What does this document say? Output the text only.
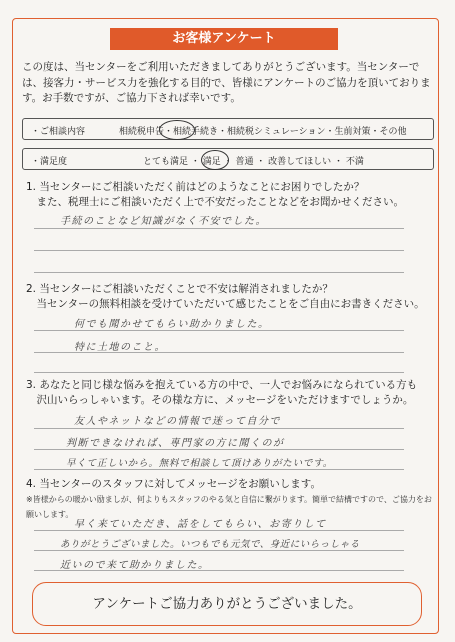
お客様アンケート
この度は、当センターをご利用いただきましてありがとうございます。当センターでは、接客力・サービス力を強化する目的で、皆様にアンケートのご協力を頂いております。お手数ですが、ご協力下されば幸いです。
・ご相談内容	相続税申告・相続手続き・相続税シミュレーション・生前対策・その他
・満足度	とても満足 ・ 満足 ・ 普通 ・ 改善してほしい ・ 不満
1. 当センターにご相談いただく前はどのようなことにお困りでしたか？
　また、税理士にご相談いただく上で不安だったことなどをお聞かせください。
手続のことなど知識がなく不安でした。
2. 当センターにご相談いただくことで不安は解消されましたか？
　当センターの無料相談を受けていただいて感じたことをご自由にお書きください。
何でも聞かせてもらい助かりました。
特に土地のこと。
3. あなたと同じ様な悩みを抱えている方の中で、一人でお悩みになられている方も
　沢山いらっしゃいます。その様な方に、メッセージをいただけますでしょうか。
友人やネットなどの情報で迷って自分で
判断できなければ、専門家の方に聞くのが
早くて正しいから。無料で相談して頂けありがたいです。
4. 当センターのスタッフに対してメッセージをお願いします。
※皆様からの暖かい励ましが、何よりもスタッフのやる気と自信に繋がります。簡単で結構ですので、ご協力をお願いします。
早く来ていただき、話をしてもらい、お寄りして
ありがとうございました。いつもでも元気で、身近にいらっしゃる
近いので来て助かりました。
アンケートご協力ありがとうございました。
